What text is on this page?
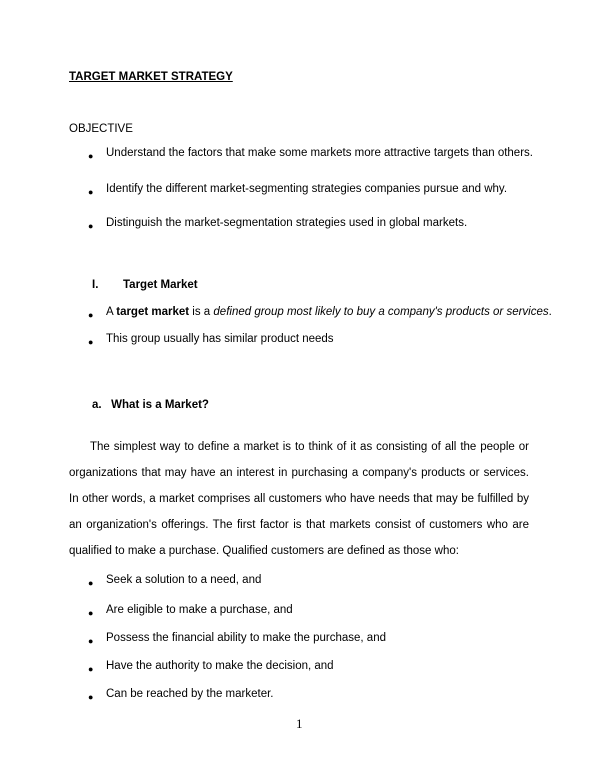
TARGET MARKET STRATEGY
OBJECTIVE
● Understand the factors that make some markets more attractive targets than others.
● Identify the different market-segmenting strategies companies pursue and why.
● Distinguish the market-segmentation strategies used in global markets.
I. Target Market
● A target market is a defined group most likely to buy a company's products or services.
● This group usually has similar product needs
a.   What is a Market?
The simplest way to define a market is to think of it as consisting of all the people or organizations that may have an interest in purchasing a company's products or services. In other words, a market comprises all customers who have needs that may be fulfilled by an organization's offerings. The first factor is that markets consist of customers who are qualified to make a purchase. Qualified customers are defined as those who:
● Seek a solution to a need, and
● Are eligible to make a purchase, and
● Possess the financial ability to make the purchase, and
● Have the authority to make the decision, and
● Can be reached by the marketer.
1
